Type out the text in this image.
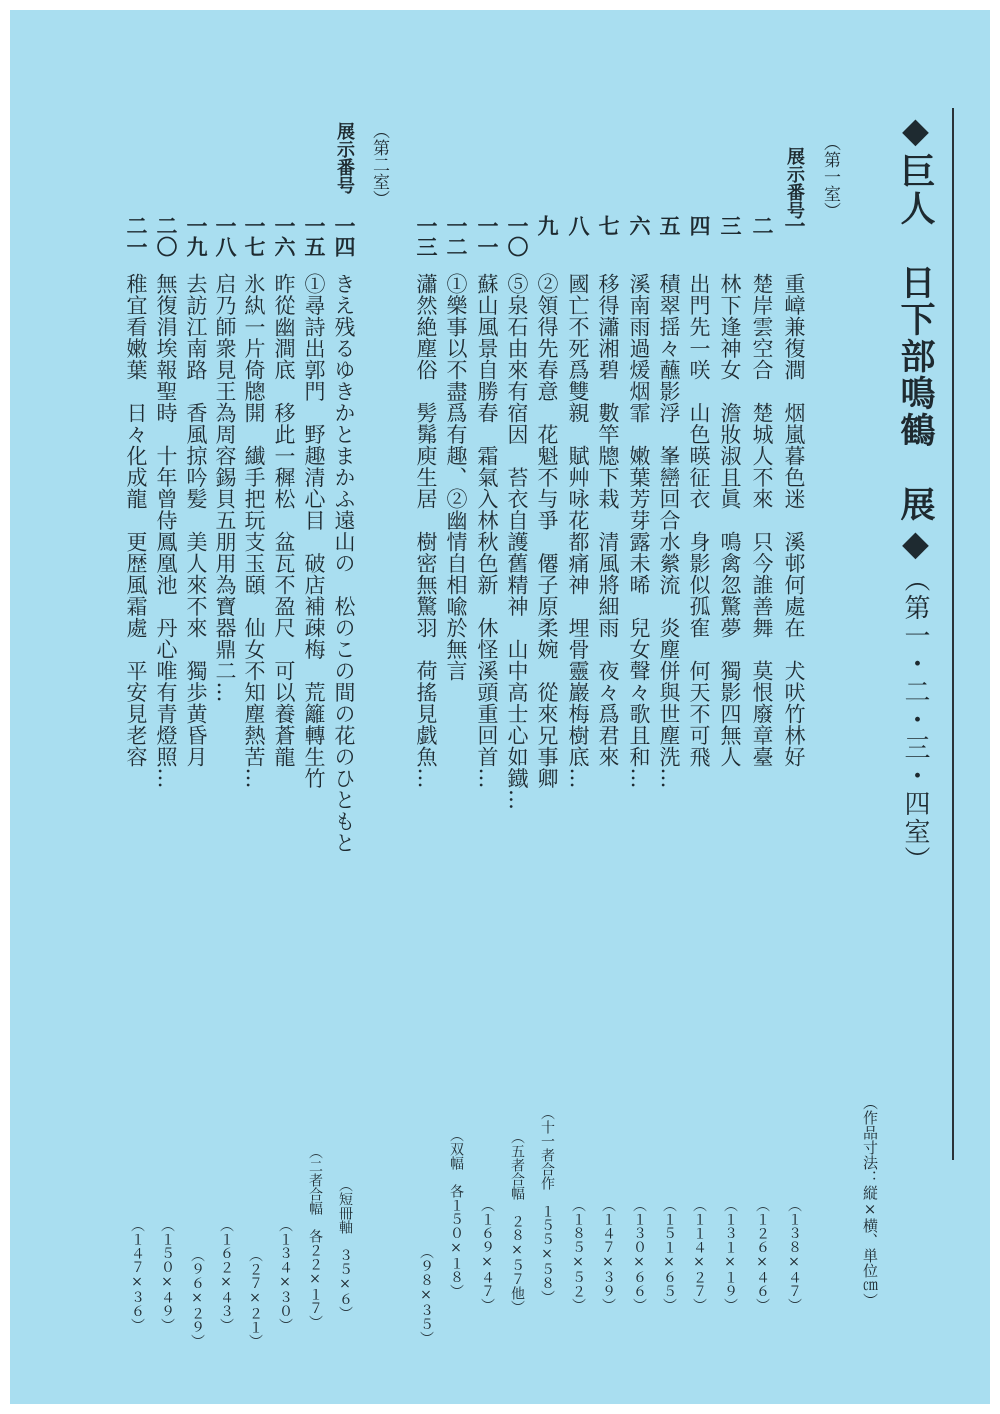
◆巨人　日下部鳴鶴　展◆（第一・二・三・四室）
（作品寸法：縦×横、単位㎝）
（第一室）
展示番号
一
重嶂兼復澗　烟嵐暮色迷　溪邨何處在　犬吠竹林好
（１３８×４７）
二
楚岸雲空合　楚城人不來　只今誰善舞　莫恨廢章臺
（１２６×４６）
三
林下逢神女　澹妝淑且眞　鳴禽忽驚夢　獨影四無人
（１３１×１９）
四
出門先一咲　山色暎征衣　身影似孤隺　何天不可飛
（１１４×２７）
五
積翠揺々蘸影浮　峯巒回合水縈流　炎塵併與世塵洗…
（１５１×６５）
六
溪南雨過煖烟霏　嫩葉芳芽露未晞　兒女聲々歌且和…
（１３０×６６）
七
移得瀟湘碧　數竿牕下栽　清風將細雨　夜々爲君來
（１４７×３９）
八
國亡不死爲雙親　賦艸咏花都痛神　埋骨靈巖梅樹底…
（１８５×５２）
九
②領得先春意　花魁不与爭　僊子原柔婉　從來兄事卿
（十一者合作　１５５×５８）
一〇
⑤泉石由來有宿因　苔衣自護舊精神　山中高士心如鐡…
（五者合幅　２８×５７他）
一一
蘇山風景自勝春　霜氣入林秋色新　休怪溪頭重回首…
（１６９×４７）
一二
①樂事以不盡爲有趣、②幽情自相喩於無言
（双幅　各１５０×１８）
一三
瀟然絶塵俗　髣髴庾生居　樹密無驚羽　荷搖見戯魚…
（９８×３５）
（第二室）
展示番号
一四
きえ残るゆきかとまかふ遠山の　松のこの間の花のひともと
（短冊軸　３５×６）
一五
①尋詩出郭門　野趣清心目　破店補疎梅　荒籬轉生竹
（二者合幅　各２２×１７）
一六
昨從幽澗底　移此一穉松　盆瓦不盈尺　可以養蒼龍
（１３４×３０）
一七
氷紈一片倚牕開　纎手把玩支玉頣　仙女不知塵熱苦…
（２７×２１）
一八
启乃師衆見王為周容錫貝五朋用為寶器鼎二…
（１６２×４３）
一九
去訪江南路　香風掠吟髪　美人來不來　獨歩黄昏月
（９６×２９）
二〇
無復涓埃報聖時　十年曾侍鳳凰池　丹心唯有青燈照…
（１５０×４９）
二一
稚宜看嫩葉　日々化成龍　更歴風霜處　平安見老容
（１４７×３６）
